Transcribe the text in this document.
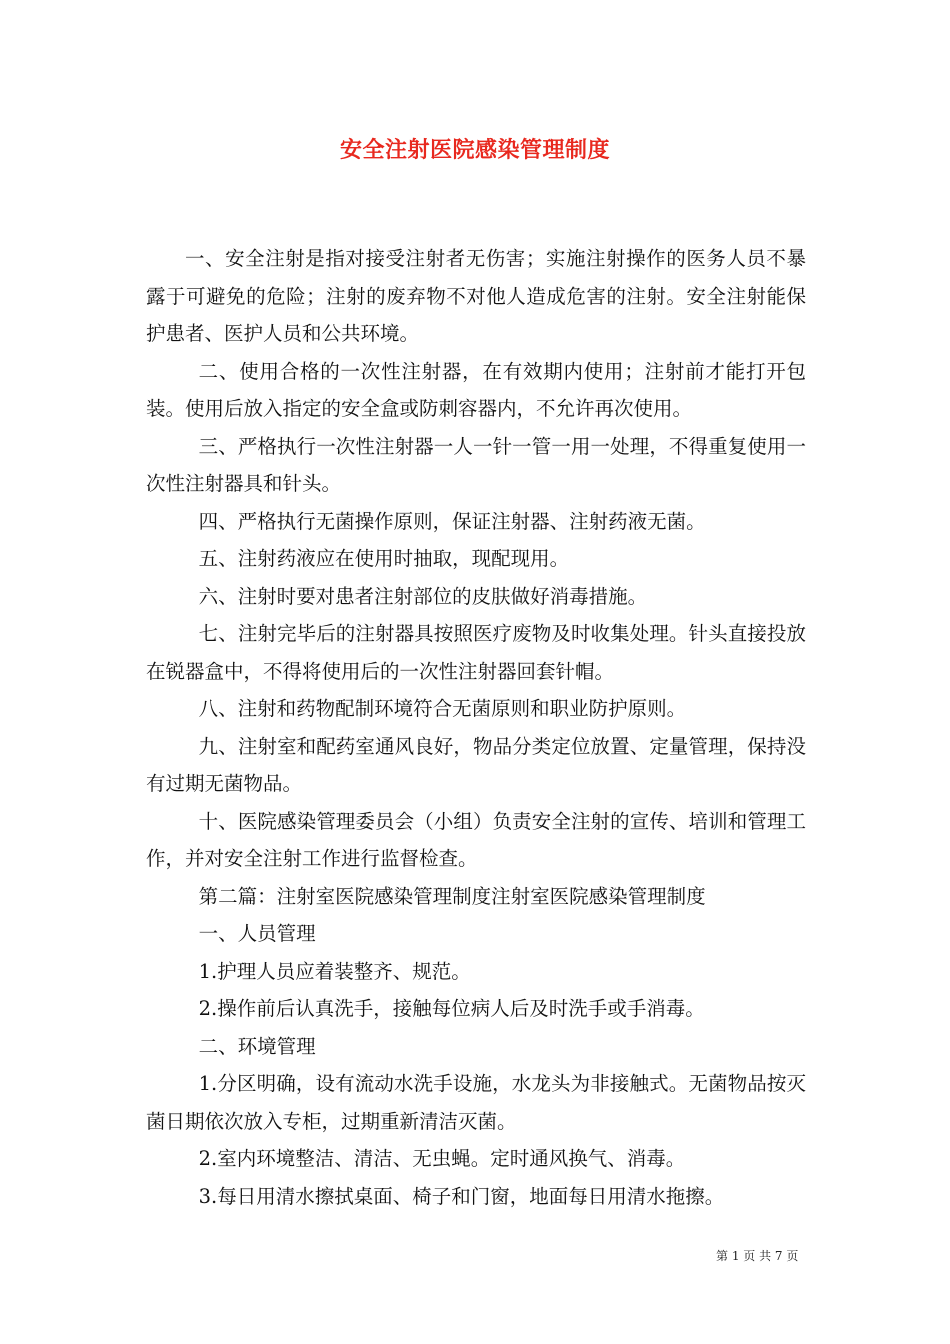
安全注射医院感染管理制度

一、安全注射是指对接受注射者无伤害；实施注射操作的医务人员不暴露于可避免的危险；注射的废弃物不对他人造成危害的注射。安全注射能保护患者、医护人员和公共环境。

二、使用合格的一次性注射器，在有效期内使用；注射前才能打开包装。使用后放入指定的安全盒或防刺容器内，不允许再次使用。

三、严格执行一次性注射器一人一针一管一用一处理，不得重复使用一次性注射器具和针头。

四、严格执行无菌操作原则，保证注射器、注射药液无菌。

五、注射药液应在使用时抽取，现配现用。

六、注射时要对患者注射部位的皮肤做好消毒措施。

七、注射完毕后的注射器具按照医疗废物及时收集处理。针头直接投放在锐器盒中，不得将使用后的一次性注射器回套针帽。

八、注射和药物配制环境符合无菌原则和职业防护原则。

九、注射室和配药室通风良好，物品分类定位放置、定量管理，保持没有过期无菌物品。

十、医院感染管理委员会（小组）负责安全注射的宣传、培训和管理工作，并对安全注射工作进行监督检查。

第二篇：注射室医院感染管理制度注射室医院感染管理制度

一、人员管理

1.护理人员应着装整齐、规范。

2.操作前后认真洗手，接触每位病人后及时洗手或手消毒。

二、环境管理

1.分区明确，设有流动水洗手设施，水龙头为非接触式。无菌物品按灭菌日期依次放入专柜，过期重新清洁灭菌。

2.室内环境整洁、清洁、无虫蝇。定时通风换气、消毒。

3.每日用清水擦拭桌面、椅子和门窗，地面每日用清水拖擦。

第 1 页 共 7 页
